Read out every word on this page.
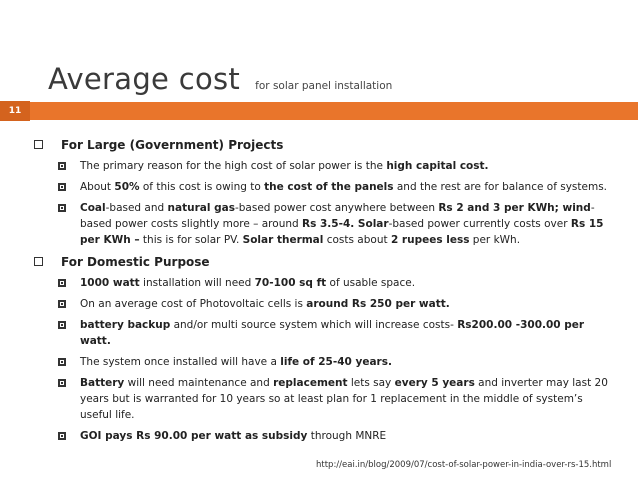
Average cost for solar panel installation
11
For Large (Government) Projects
The primary reason for the high cost of solar power is the high capital cost.
About 50% of this cost is owing to the cost of the panels and the rest are for balance of systems.
Coal-based and natural gas-based power cost anywhere between Rs 2 and 3 per KWh; wind-based power costs slightly more – around Rs 3.5-4. Solar-based power currently costs over Rs 15 per KWh – this is for solar PV. Solar thermal costs about 2 rupees less per kWh.
For Domestic Purpose
1000 watt installation will need 70-100 sq ft of usable space.
On an average cost of Photovoltaic cells is around Rs 250 per watt.
battery backup and/or multi source system which will increase costs- Rs200.00 -300.00 per watt.
The system once installed will have a life of 25-40 years.
Battery will need maintenance and replacement lets say every 5 years and inverter may last 20 years but is warranted for 10 years so at least plan for 1 replacement in the middle of system’s useful life.
GOI pays Rs 90.00 per watt as subsidy through MNRE
http://eai.in/blog/2009/07/cost-of-solar-power-in-india-over-rs-15.html
